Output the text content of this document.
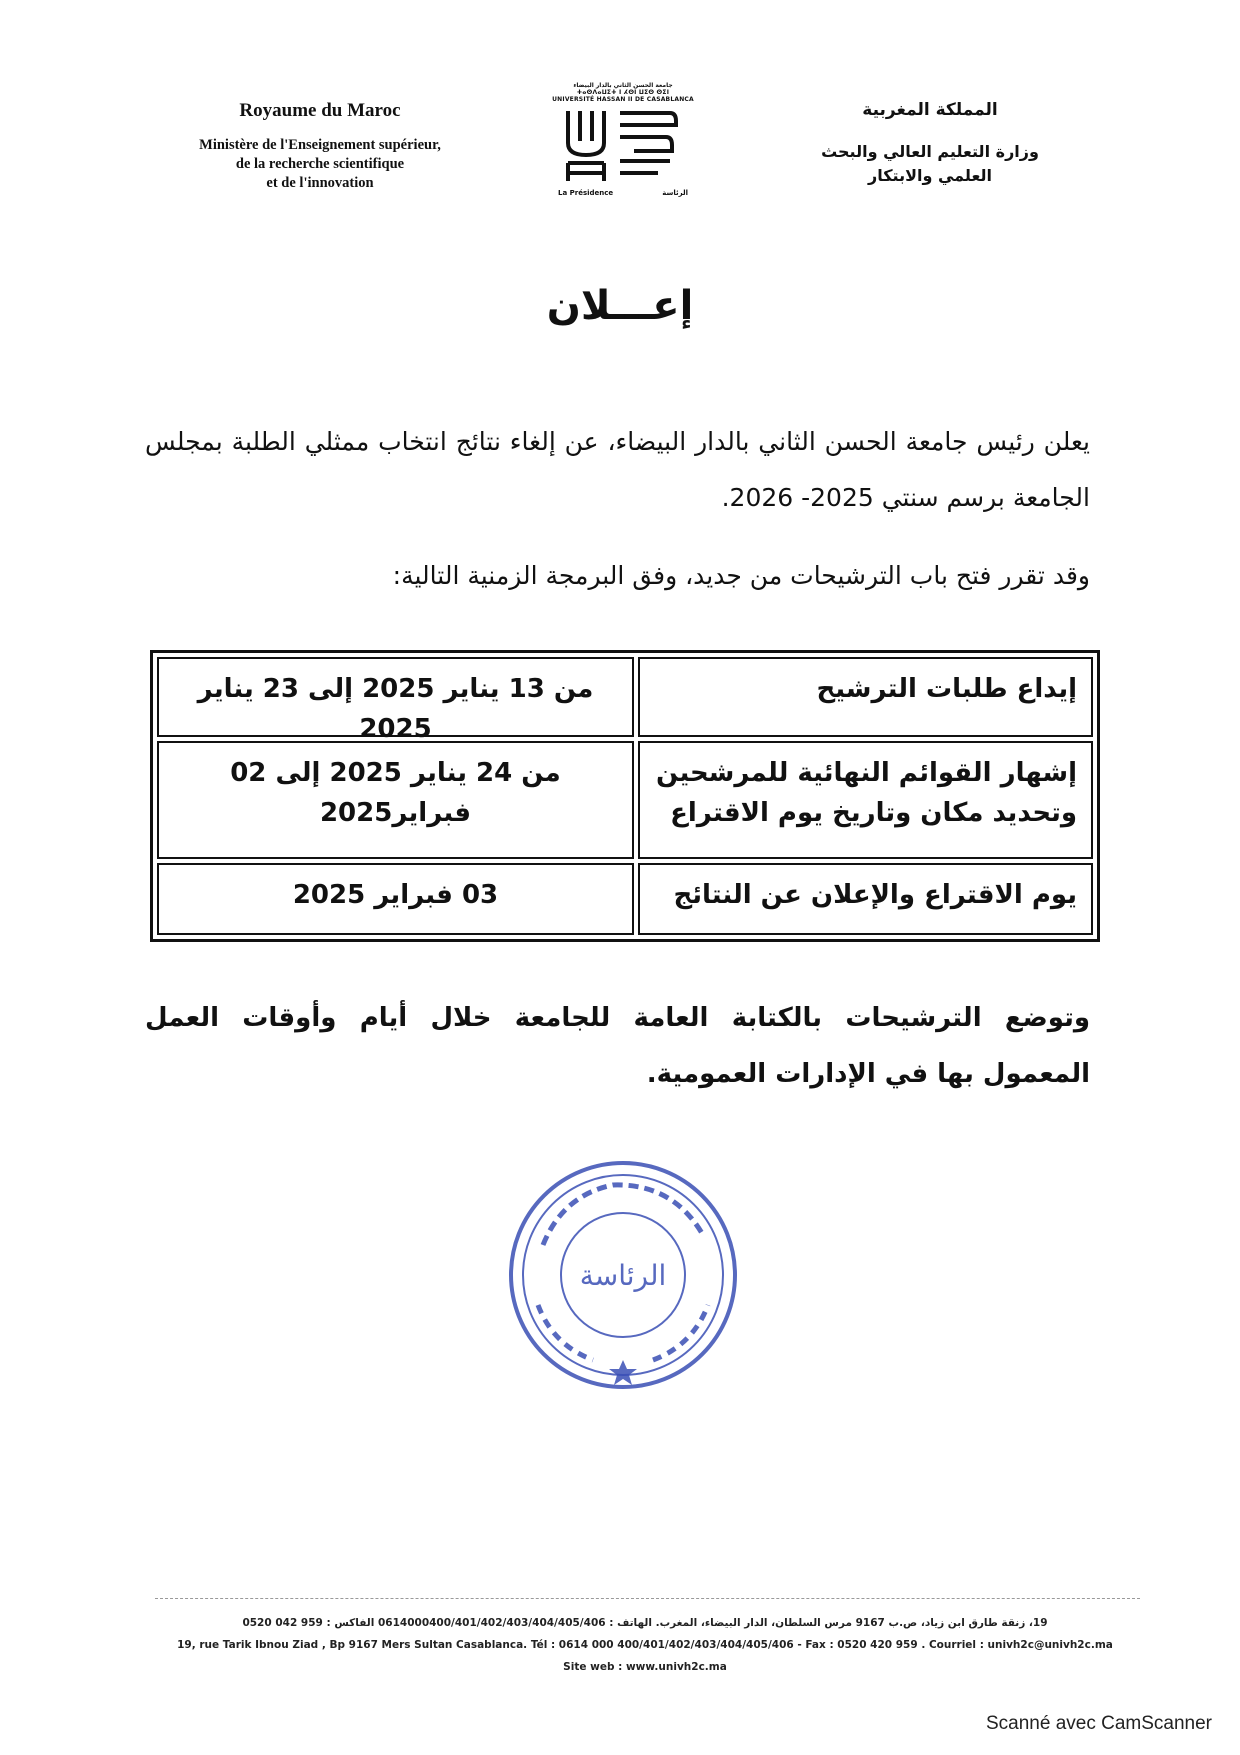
Royaume du Maroc
Ministère de l'Enseignement supérieur,
de la recherche scientifique
et de l'innovation
جامعة الحسن الثاني بالدار البيضاء
ⵜⴰⵙⴷⴰⵡⵉⵜ ⵏ ⵃⵙⵏ ⵡⵉⵙ ⵙⵉⵏ
UNIVERSITÉ HASSAN II DE CASABLANCA
La Présidence	الرئاسة
المملكة المغربية
وزارة التعليم العالي والبحث
العلمي والابتكار
إعـــلان
يعلن رئيس جامعة الحسن الثاني بالدار البيضاء، عن إلغاء نتائج انتخاب ممثلي الطلبة بمجلس الجامعة برسم سنتي 2025- 2026.
وقد تقرر فتح باب الترشيحات من جديد، وفق البرمجة الزمنية التالية:
إيداع طلبات الترشيح
من 13 يناير 2025 إلى 23 يناير 2025
إشهار القوائم النهائية للمرشحين وتحديد مكان وتاريخ يوم الاقتراع
من 24 يناير 2025 إلى 02 فبراير2025
يوم الاقتراع والإعلان عن النتائج
03 فبراير 2025
وتوضع الترشيحات بالكتابة العامة للجامعة خلال أيام وأوقات العمل المعمول بها في الإدارات العمومية.
الرئاسة
19، زنقة طارق ابن زياد، ص.ب 9167 مرس السلطان، الدار البيضاء، المغرب. الهاتف : 0614000400/401/402/403/404/405/406 الفاكس : 959 042 0520
19, rue Tarik Ibnou Ziad , Bp 9167 Mers Sultan Casablanca. Tél : 0614 000 400/401/402/403/404/405/406 - Fax : 0520 420 959 . Courriel : univh2c@univh2c.ma
Site web : www.univh2c.ma
Scanné avec CamScanner
